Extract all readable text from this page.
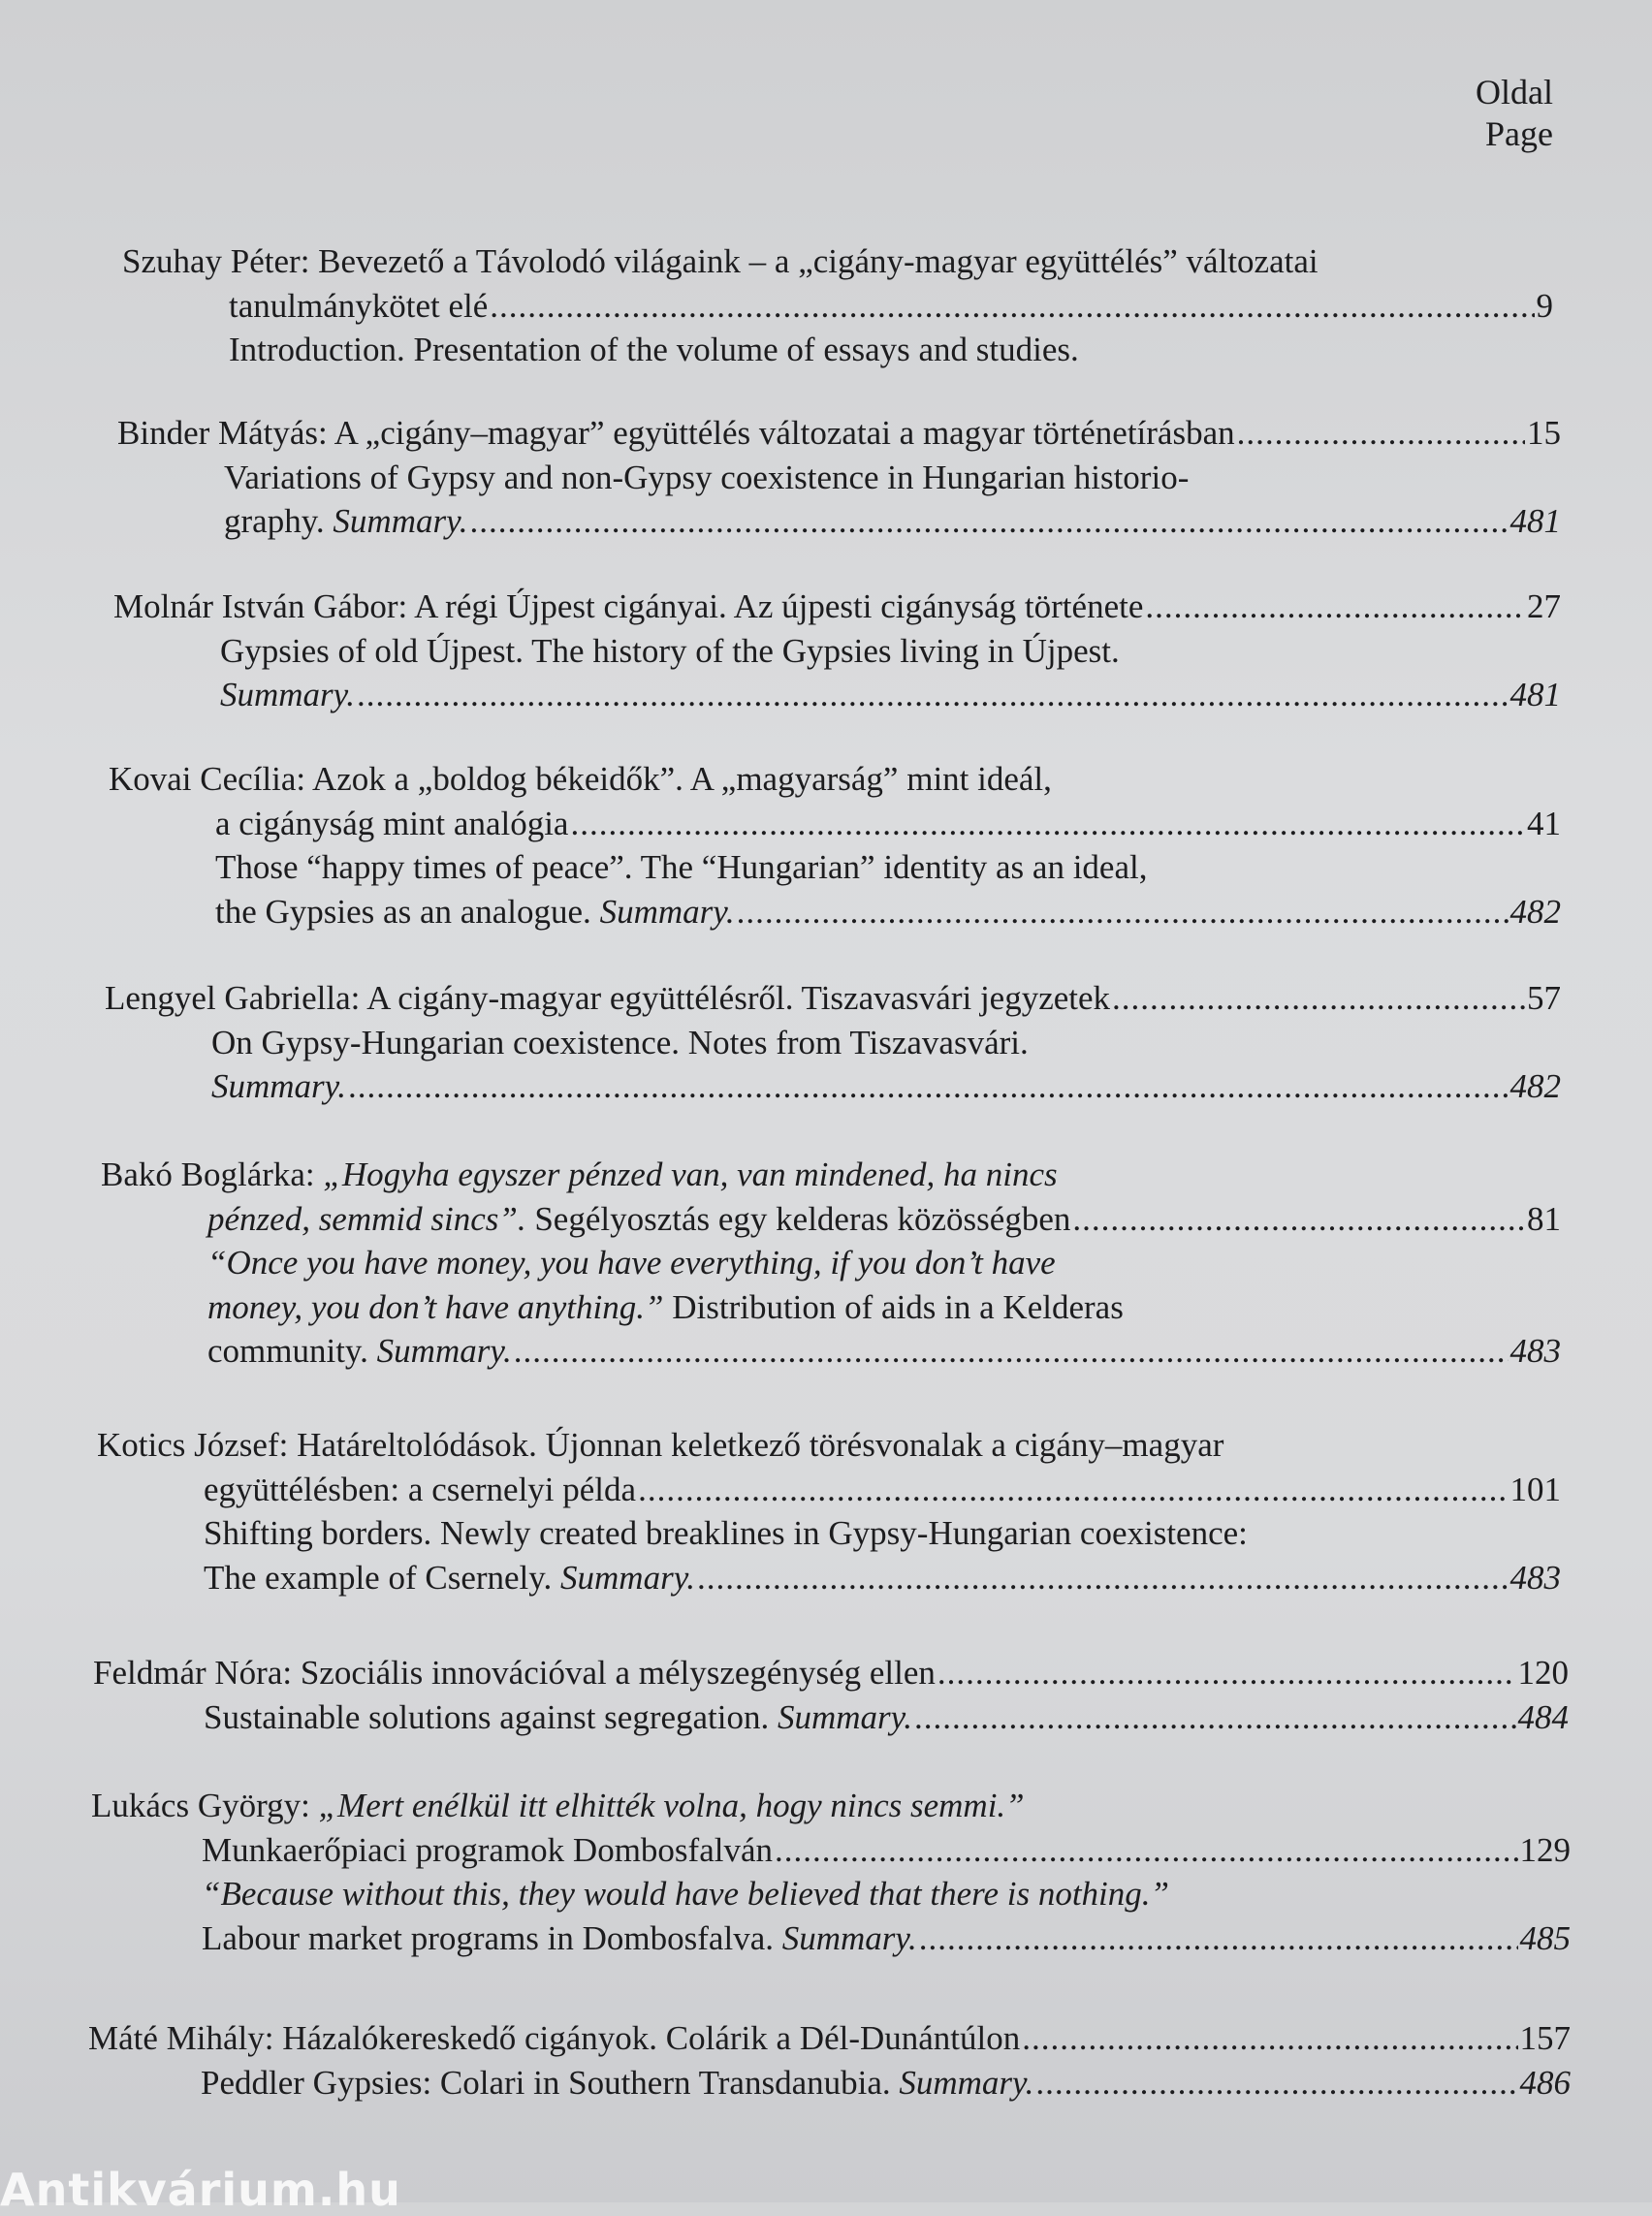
Oldal
Page
Szuhay Péter: Bevezető a Távolodó világaink – a „cigány-magyar együttélés” változatai
tanulmánykötet elé .....	9
Introduction. Presentation of the volume of essays and studies.
Binder Mátyás: A „cigány–magyar” együttélés változatai a magyar történetírásban .....	15
Variations of Gypsy and non-Gypsy coexistence in Hungarian historio-
graphy.
Summary. .....	481
Molnár István Gábor: A régi Újpest cigányai. Az újpesti cigányság története .....	27
Gypsies of old Újpest. The history of the Gypsies living in Újpest.
Summary. .....	481
Kovai Cecília: Azok a „boldog békeidők”. A „magyarság” mint ideál,
a cigányság mint analógia .....	41
Those “happy times of peace”. The “Hungarian” identity as an ideal,
the Gypsies as an analogue.
Summary. .....	482
Lengyel Gabriella: A cigány-magyar együttélésről. Tiszavasvári jegyzetek .....	57
On Gypsy-Hungarian coexistence. Notes from Tiszavasvári.
Summary. .....	482
Bakó Boglárka:
„Hogyha egyszer pénzed van, van mindened, ha nincs
pénzed, semmid sincs”.
Segélyosztás egy kelderas közösségben .....	81
“Once you have money, you have everything, if you don’t have
money, you don’t have anything.”
Distribution of aids in a Kelderas
community.
Summary. .....	483
Kotics József: Határeltolódások. Újonnan keletkező törésvonalak a cigány–magyar
együttélésben: a csernelyi példa .....	101
Shifting borders. Newly created breaklines in Gypsy-Hungarian coexistence:
The example of Csernely.
Summary. .....	483
Feldmár Nóra: Szociális innovációval a mélyszegénység ellen .....	120
Sustainable solutions against segregation.
Summary. .....	484
Lukács György:
„Mert enélkül itt elhitték volna, hogy nincs semmi.”
Munkaerőpiaci programok Dombosfalván .....	129
“Because without this, they would have believed that there is nothing.”
Labour market programs in Dombosfalva.
Summary. .....	485
Máté Mihály: Házalókereskedő cigányok. Colárik a Dél-Dunántúlon .....	157
Peddler Gypsies: Colari in Southern Transdanubia.
Summary. .....	486
Antikvárium.hu
